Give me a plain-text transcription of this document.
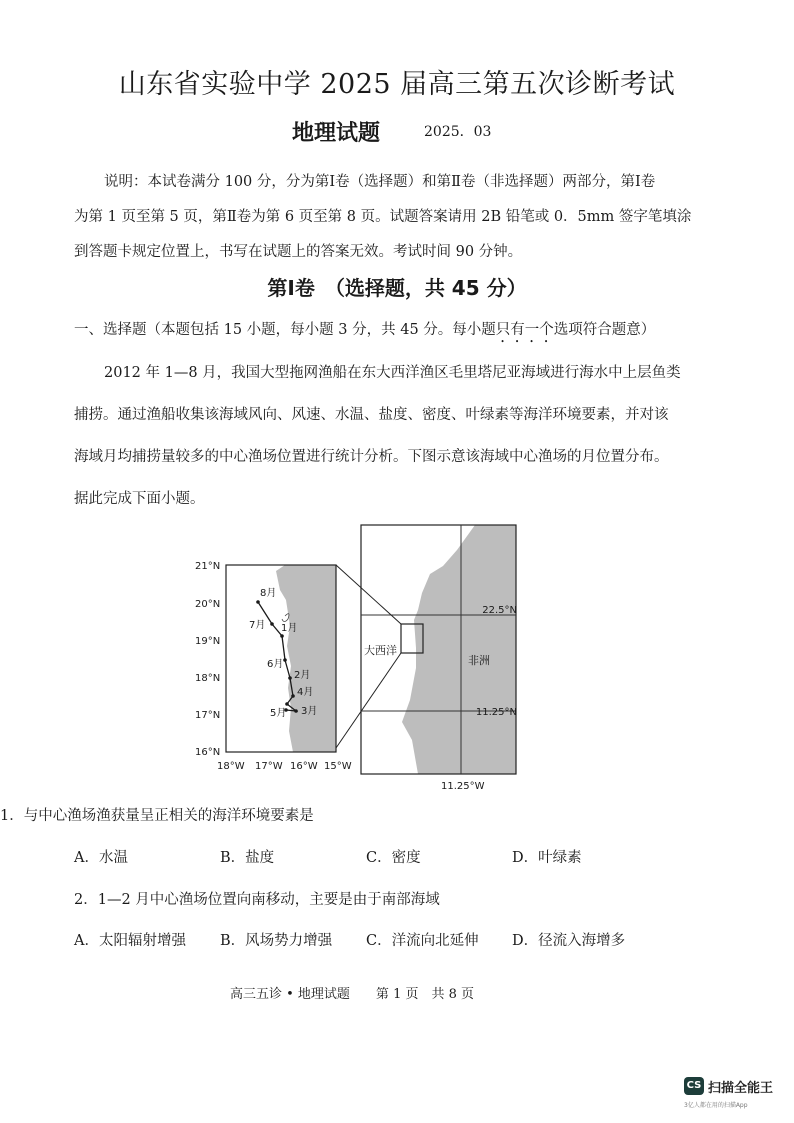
山东省实验中学 2025 届高三第五次诊断考试
地理试题	2025．03
说明：本试卷满分 100 分，分为第Ⅰ卷（选择题）和第Ⅱ卷（非选择题）两部分，第Ⅰ卷
为第 1 页至第 5 页，第Ⅱ卷为第 6 页至第 8 页。试题答案请用 2B 铅笔或 0．5mm 签字笔填涂
到答题卡规定位置上，书写在试题上的答案无效。考试时间 90 分钟。
第Ⅰ卷　（选择题，共 45 分）
一、选择题（本题包括 15 小题，每小题 3 分，共 45 分。每小题只有一个选项符合题意）
2012 年 1—8 月，我国大型拖网渔船在东大西洋渔区毛里塔尼亚海域进行海水中上层鱼类
捕捞。通过渔船收集该海域风向、风速、水温、盐度、密度、叶绿素等海洋环境要素，并对该
海域月均捕捞量较多的中心渔场位置进行统计分析。下图示意该海域中心渔场的月位置分布。
据此完成下面小题。
8月
7月 1月
6月
2月
4月
5月 3月
21°N
20°N
19°N
18°N
17°N
16°N
18°W 17°W 16°W 15°W
22.5°N
11.25°N
11.25°W
大西洋
非洲
1．与中心渔场渔获量呈正相关的海洋环境要素是
A．水温	B．盐度	C．密度	D．叶绿素
2．1—2 月中心渔场位置向南移动，主要是由于南部海域
A．太阳辐射增强 B．风场势力增强 C．洋流向北延伸 D．径流入海增多
高三五诊 • 地理试题　　第 1 页　共 8 页
CS 扫描全能王
3亿人都在用的扫描App
